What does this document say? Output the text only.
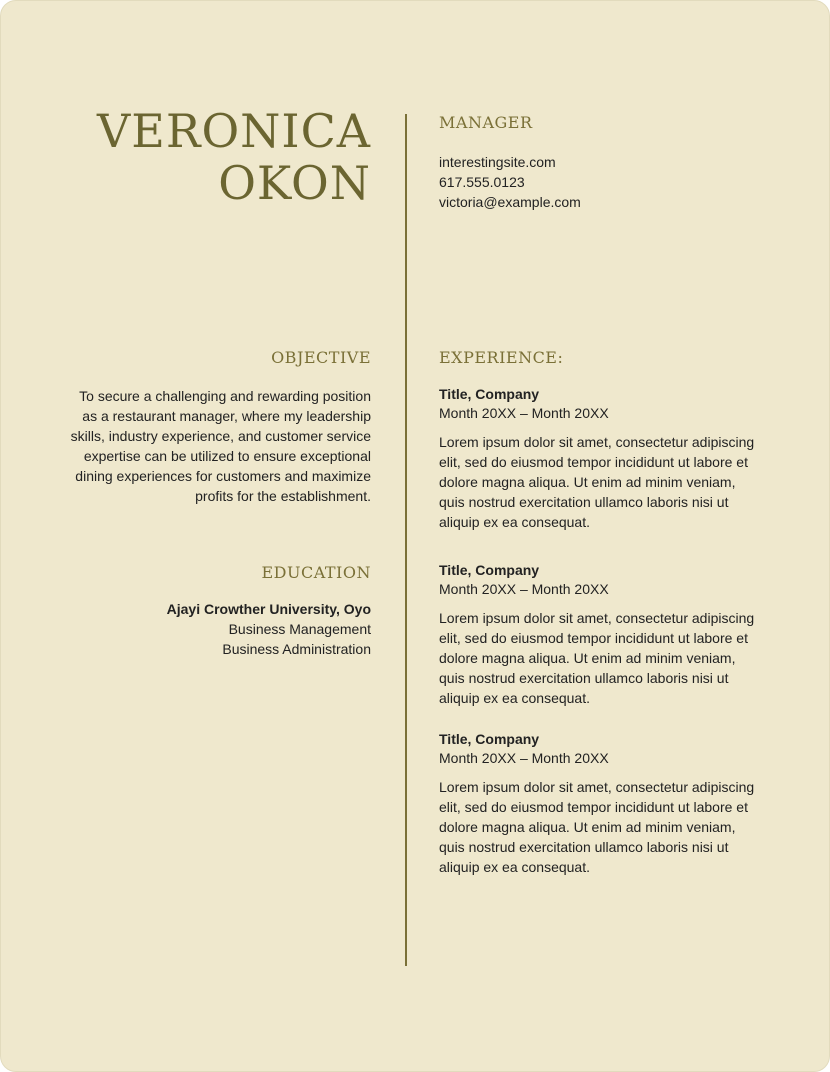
VERONICA
OKON
MANAGER
interestingsite.com
617.555.0123
victoria@example.com
OBJECTIVE
To secure a challenging and rewarding position as a restaurant manager, where my leadership skills, industry experience, and customer service expertise can be utilized to ensure exceptional dining experiences for customers and maximize profits for the establishment.
EDUCATION
Ajayi Crowther University, Oyo
Business Management
Business Administration
EXPERIENCE:
Title, Company
Month 20XX – Month 20XX
Lorem ipsum dolor sit amet, consectetur adipiscing elit, sed do eiusmod tempor incididunt ut labore et dolore magna aliqua. Ut enim ad minim veniam, quis nostrud exercitation ullamco laboris nisi ut aliquip ex ea consequat.
Title, Company
Month 20XX – Month 20XX
Lorem ipsum dolor sit amet, consectetur adipiscing elit, sed do eiusmod tempor incididunt ut labore et dolore magna aliqua. Ut enim ad minim veniam, quis nostrud exercitation ullamco laboris nisi ut aliquip ex ea consequat.
Title, Company
Month 20XX – Month 20XX
Lorem ipsum dolor sit amet, consectetur adipiscing elit, sed do eiusmod tempor incididunt ut labore et dolore magna aliqua. Ut enim ad minim veniam, quis nostrud exercitation ullamco laboris nisi ut aliquip ex ea consequat.
